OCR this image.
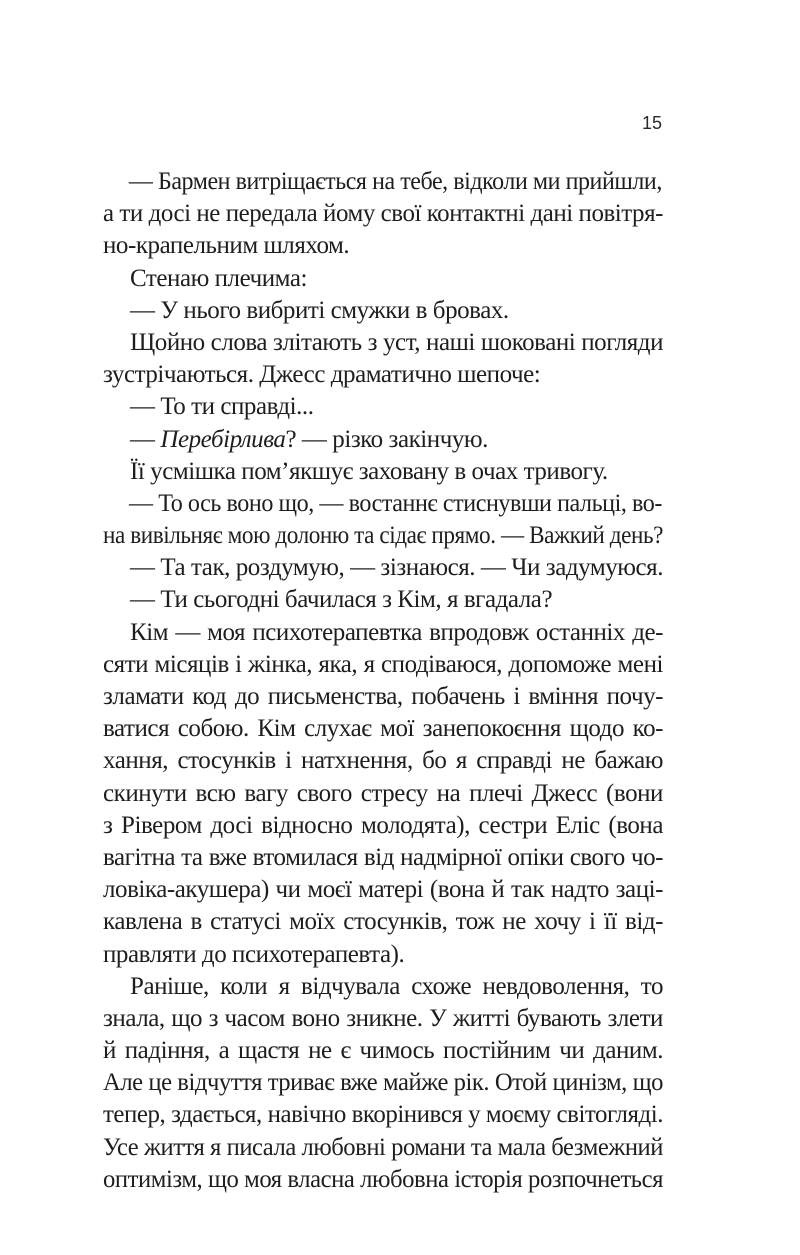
15
— Бармен витріщається на тебе, відколи ми прийшли,
а ти досі не передала йому свої контактні дані повітря-
но-крапельним шляхом.
Стенаю плечима:
— У нього вибриті смужки в бровах.
Щойно слова злітають з уст, наші шоковані погляди
зустрічаються. Джесс драматично шепоче:
— То ти справді...
— Перебірлива? — різко закінчую.
Її усмішка пом’якшує заховану в очах тривогу.
— То ось воно що, — востаннє стиснувши пальці, во-
на вивільняє мою долоню та сідає прямо. — Важкий день?
— Та так, роздумую, — зізнаюся. — Чи задумуюся.
— Ти сьогодні бачилася з Кім, я вгадала?
Кім — моя психотерапевтка впродовж останніх де-
сяти місяців і жінка, яка, я сподіваюся, допоможе мені
зламати код до письменства, побачень і вміння почу-
ватися собою. Кім слухає мої занепокоєння щодо ко-
хання, стосунків і натхнення, бо я справді не бажаю
скинути всю вагу свого стресу на плечі Джесс (вони
з Рівером досі відносно молодята), сестри Еліс (вона
вагітна та вже втомилася від надмірної опіки свого чо-
ловіка-акушера) чи моєї матері (вона й так надто заці-
кавлена в статусі моїх стосунків, тож не хочу і її від-
правляти до психотерапевта).
Раніше, коли я відчувала схоже невдоволення, то
знала, що з часом воно зникне. У житті бувають злети
й падіння, а щастя не є чимось постійним чи даним.
Але це відчуття триває вже майже рік. Отой цинізм, що
тепер, здається, навічно вкорінився у моєму світогляді.
Усе життя я писала любовні романи та мала безмежний
оптимізм, що моя власна любовна історія розпочнеться
